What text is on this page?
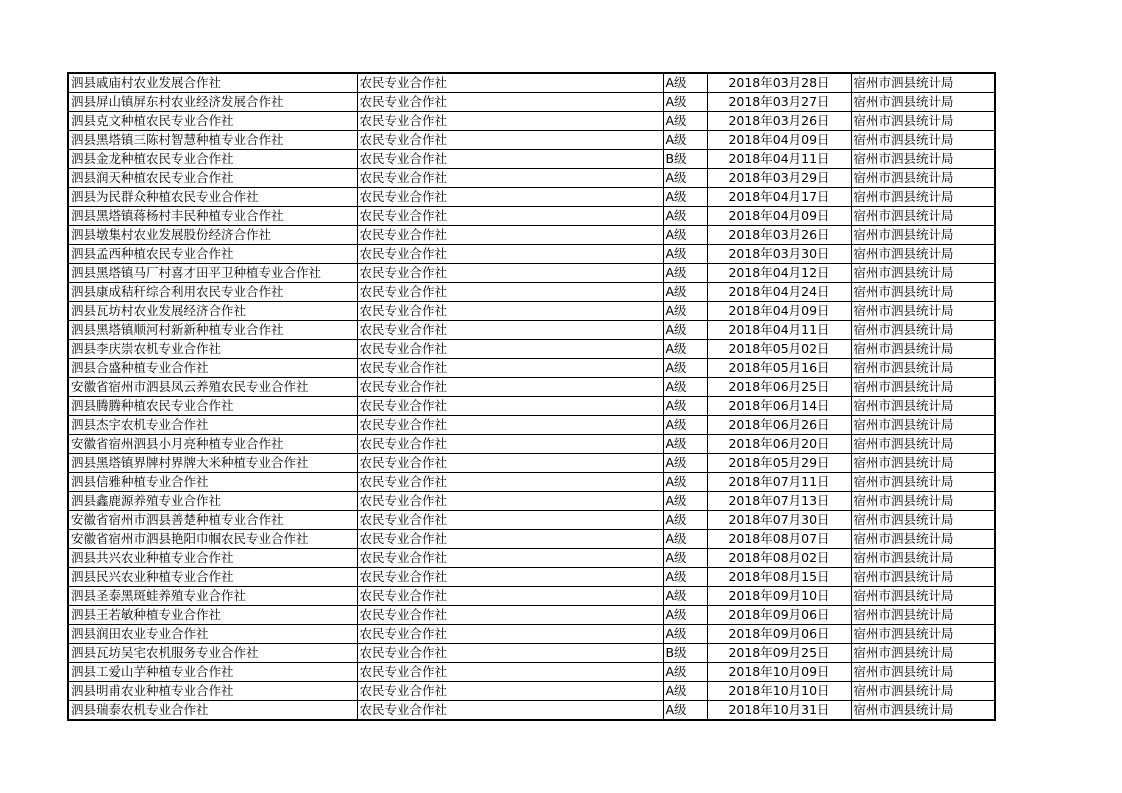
泗县戚庙村农业发展合作社	农民专业合作社	A级	2018年03月28日	宿州市泗县统计局
泗县屏山镇屏东村农业经济发展合作社	农民专业合作社	A级	2018年03月27日	宿州市泗县统计局
泗县克文种植农民专业合作社	农民专业合作社	A级	2018年03月26日	宿州市泗县统计局
泗县黑塔镇三陈村智慧种植专业合作社	农民专业合作社	A级	2018年04月09日	宿州市泗县统计局
泗县金龙种植农民专业合作社	农民专业合作社	B级	2018年04月11日	宿州市泗县统计局
泗县润天种植农民专业合作社	农民专业合作社	A级	2018年03月29日	宿州市泗县统计局
泗县为民群众种植农民专业合作社	农民专业合作社	A级	2018年04月17日	宿州市泗县统计局
泗县黑塔镇蒋杨村丰民种植专业合作社	农民专业合作社	A级	2018年04月09日	宿州市泗县统计局
泗县墩集村农业发展股份经济合作社	农民专业合作社	A级	2018年03月26日	宿州市泗县统计局
泗县孟西种植农民专业合作社	农民专业合作社	A级	2018年03月30日	宿州市泗县统计局
泗县黑塔镇马厂村喜才田平卫种植专业合作社	农民专业合作社	A级	2018年04月12日	宿州市泗县统计局
泗县康成秸秆综合利用农民专业合作社	农民专业合作社	A级	2018年04月24日	宿州市泗县统计局
泗县瓦坊村农业发展经济合作社	农民专业合作社	A级	2018年04月09日	宿州市泗县统计局
泗县黑塔镇顺河村新新种植专业合作社	农民专业合作社	A级	2018年04月11日	宿州市泗县统计局
泗县李庆崇农机专业合作社	农民专业合作社	A级	2018年05月02日	宿州市泗县统计局
泗县合盛种植专业合作社	农民专业合作社	A级	2018年05月16日	宿州市泗县统计局
安徽省宿州市泗县凤云养殖农民专业合作社	农民专业合作社	A级	2018年06月25日	宿州市泗县统计局
泗县腾腾种植农民专业合作社	农民专业合作社	A级	2018年06月14日	宿州市泗县统计局
泗县杰宇农机专业合作社	农民专业合作社	A级	2018年06月26日	宿州市泗县统计局
安徽省宿州泗县小月亮种植专业合作社	农民专业合作社	A级	2018年06月20日	宿州市泗县统计局
泗县黑塔镇界牌村界牌大米种植专业合作社	农民专业合作社	A级	2018年05月29日	宿州市泗县统计局
泗县信雅种植专业合作社	农民专业合作社	A级	2018年07月11日	宿州市泗县统计局
泗县鑫鹿源养殖专业合作社	农民专业合作社	A级	2018年07月13日	宿州市泗县统计局
安徽省宿州市泗县善楚种植专业合作社	农民专业合作社	A级	2018年07月30日	宿州市泗县统计局
安徽省宿州市泗县艳阳巾帼农民专业合作社	农民专业合作社	A级	2018年08月07日	宿州市泗县统计局
泗县共兴农业种植专业合作社	农民专业合作社	A级	2018年08月02日	宿州市泗县统计局
泗县民兴农业种植专业合作社	农民专业合作社	A级	2018年08月15日	宿州市泗县统计局
泗县圣泰黑斑蛙养殖专业合作社	农民专业合作社	A级	2018年09月10日	宿州市泗县统计局
泗县王若敏种植专业合作社	农民专业合作社	A级	2018年09月06日	宿州市泗县统计局
泗县润田农业专业合作社	农民专业合作社	A级	2018年09月06日	宿州市泗县统计局
泗县瓦坊吴宅农机服务专业合作社	农民专业合作社	B级	2018年09月25日	宿州市泗县统计局
泗县工爱山芋种植专业合作社	农民专业合作社	A级	2018年10月09日	宿州市泗县统计局
泗县明甫农业种植专业合作社	农民专业合作社	A级	2018年10月10日	宿州市泗县统计局
泗县瑞泰农机专业合作社	农民专业合作社	A级	2018年10月31日	宿州市泗县统计局
